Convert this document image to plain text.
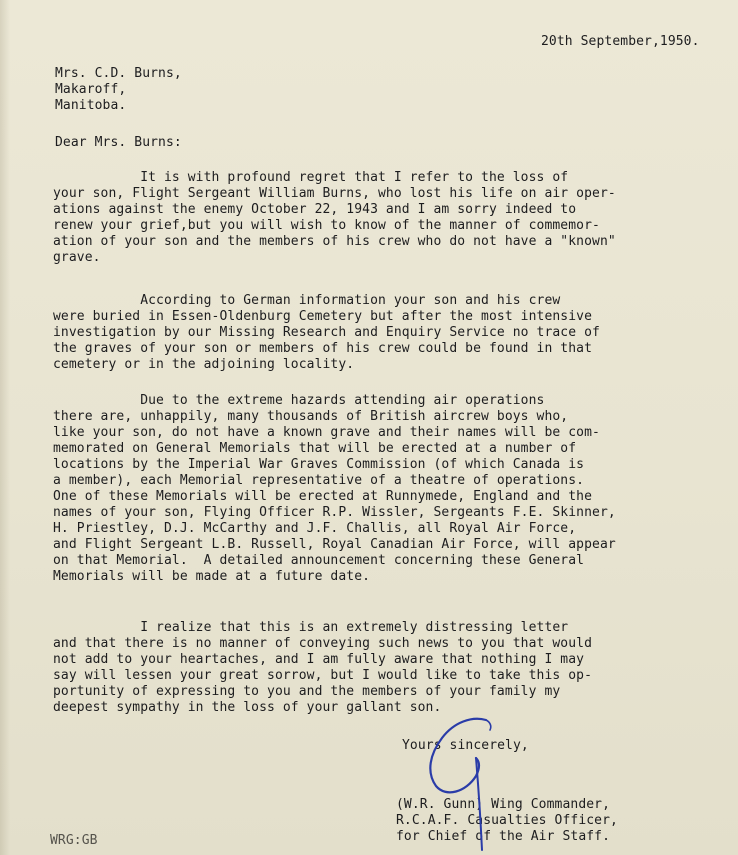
20th September,1950.
Mrs. C.D. Burns,
Makaroff,
Manitoba.
Dear Mrs. Burns:
It is with profound regret that I refer to the loss of
your son, Flight Sergeant William Burns, who lost his life on air oper-
ations against the enemy October 22, 1943 and I am sorry indeed to
renew your grief,but you will wish to know of the manner of commemor-
ation of your son and the members of his crew who do not have a "known"
grave.
According to German information your son and his crew
were buried in Essen-Oldenburg Cemetery but after the most intensive
investigation by our Missing Research and Enquiry Service no trace of
the graves of your son or members of his crew could be found in that
cemetery or in the adjoining locality.
Due to the extreme hazards attending air operations
there are, unhappily, many thousands of British aircrew boys who,
like your son, do not have a known grave and their names will be com-
memorated on General Memorials that will be erected at a number of
locations by the Imperial War Graves Commission (of which Canada is
a member), each Memorial representative of a theatre of operations.
One of these Memorials will be erected at Runnymede, England and the
names of your son, Flying Officer R.P. Wissler, Sergeants F.E. Skinner,
H. Priestley, D.J. McCarthy and J.F. Challis, all Royal Air Force,
and Flight Sergeant L.B. Russell, Royal Canadian Air Force, will appear
on that Memorial.  A detailed announcement concerning these General
Memorials will be made at a future date.
I realize that this is an extremely distressing letter
and that there is no manner of conveying such news to you that would
not add to your heartaches, and I am fully aware that nothing I may
say will lessen your great sorrow, but I would like to take this op-
portunity of expressing to you and the members of your family my
deepest sympathy in the loss of your gallant son.
Yours sincerely,
(W.R. Gunn) Wing Commander,
R.C.A.F. Casualties Officer,
for Chief of the Air Staff.
WRG:GB
